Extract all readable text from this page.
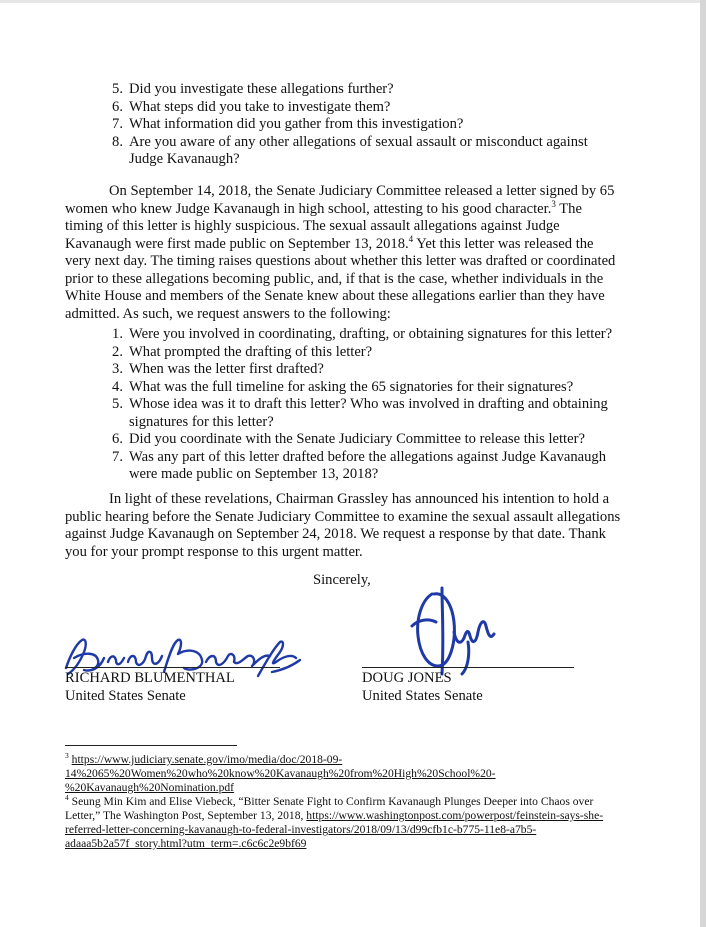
5. Did you investigate these allegations further?
6. What steps did you take to investigate them?
7. What information did you gather from this investigation?
8. Are you aware of any other allegations of sexual assault or misconduct against Judge Kavanaugh?

On September 14, 2018, the Senate Judiciary Committee released a letter signed by 65 women who knew Judge Kavanaugh in high school, attesting to his good character.$^3$ The timing of this letter is highly suspicious. The sexual assault allegations against Judge Kavanaugh were first made public on September 13, 2018.$^4$ Yet this letter was released the very next day. The timing raises questions about whether this letter was drafted or coordinated prior to these allegations becoming public, and, if that is the case, whether individuals in the White House and members of the Senate knew about these allegations earlier than they have admitted. As such, we request answers to the following:

1. Were you involved in coordinating, drafting, or obtaining signatures for this letter?
2. What prompted the drafting of this letter?
3. When was the letter first drafted?
4. What was the full timeline for asking the 65 signatories for their signatures?
5. Whose idea was it to draft this letter? Who was involved in drafting and obtaining signatures for this letter?
6. Did you coordinate with the Senate Judiciary Committee to release this letter?
7. Was any part of this letter drafted before the allegations against Judge Kavanaugh were made public on September 13, 2018?

In light of these revelations, Chairman Grassley has announced his intention to hold a public hearing before the Senate Judiciary Committee to examine the sexual assault allegations against Judge Kavanaugh on September 24, 2018. We request a response by that date. Thank you for your prompt response to this urgent matter.

Sincerely,
RICHARD BLUMENTHAL
United States Senate
DOUG JONES
United States Senate

$^3$ https://www.judiciary.senate.gov/imo/media/doc/2018-09-14%2065%20Women%20who%20know%20Kavanaugh%20from%20High%20School%20-%20Kavanaugh%20Nomination.pdf

$^4$ Seung Min Kim and Elise Viebeck, “Bitter Senate Fight to Confirm Kavanaugh Plunges Deeper into Chaos over Letter,” The Washington Post, September 13, 2018, https://www.washingtonpost.com/powerpost/feinstein-says-she-referred-letter-concerning-kavanaugh-to-federal-investigators/2018/09/13/d99cfb1c-b775-11e8-a7b5-adaaa5b2a57f_story.html?utm_term=.c6c6c2e9bf69
